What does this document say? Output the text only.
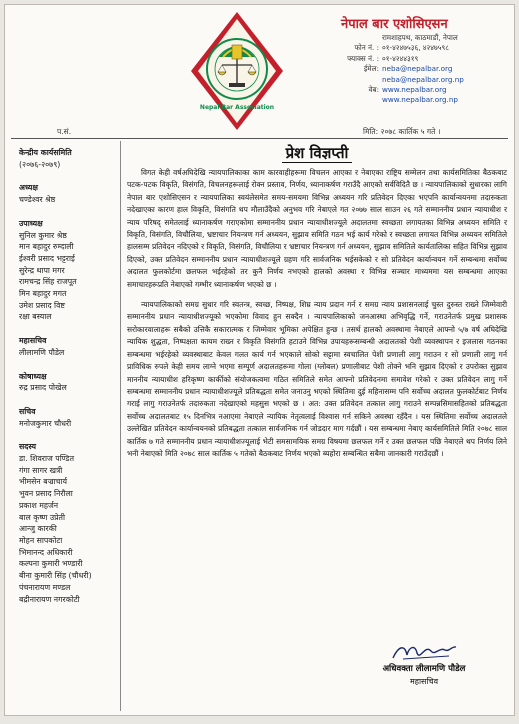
Nepal Bar Association
नेपाल बार एशोसिएसन
रामशाहपथ, काठमाडौं, नेपाल
फोन नं. : ०१-४२४७५३६, ४२४७५९८
फ्याक्स नं. : ०१-४२४४३१९
ईमेल: neba@nepalbar.org
neba@nepalbar.org.np
वेब: www.nepalbar.org
www.nepalbar.org.np
प.सं.	मिति: २०७८ कार्तिक ५ गते ।
केन्द्रीय कार्यसमिति
(२०७६-२०७९)
अध्यक्ष
चण्डेश्वर श्रेष्ठ
उपाध्यक्ष
सुनिल कुमार श्रेष्ठ
मान बहादुर रुम्दाली
ईश्वरी प्रसाद भट्टराई
सुरेन्द्र थापा मगर
रामचन्द्र सिंह राजपूत
मिन बहादुर मगत
उमेश प्रसाद विष्ट
रक्षा बस्याल
महासचिव
लीलामणि पौडेल
कोषाध्यक्ष
रुद्र प्रसाद पोखेल
सचिव
मनोजकुमार चौधरी
सदस्य
डा. शिवराज पण्डित
गंगा सागर खत्री
भीमसेन बज्राचार्य
भुवन प्रसाद निरौला
प्रकाश महर्जन
बाल कृष्ण उप्रेती
आन्जु कारकी
मोहन सापकोटा
भिमानन्द अधिकारी
कल्पना कुमारी भण्डारी
बीना कुमारी सिंह (चौधरी)
पंचनारायण मण्डल
बद्रीनारायण नगरकोटी
प्रेश विज्ञप्ती

विगत केही वर्षअघिदेखि न्यायपालिकाका काम कारवाहीहरूमा विचलन आएका र नेबाएका राष्ट्रिय सम्मेलन तथा कार्यसमितिका बैठकबाट पटक-पटक विकृति, विसंगति, विचलनहरूलाई रोक्न प्रस्ताव, निर्णय, ध्यानाकर्षण गराउँदै आएको सर्वविदितै छ । न्यायपालिकाको सुधारका लागि नेपाल बार एशोसिएसन र न्यायपालिका स्वयंलेसमेत समय-समयमा विभिन्न अध्ययन गरि प्रतिवेदन दिएका भएपनि कार्यान्वयनमा तदारुकता नदेखाएका कारण हाल विकृति, विसंगति थप मौलाउँदैको अनुभव गरि नेबाएले गत २०७७ साल साउन २६ गते सम्माननीय प्रधान न्यायाधीश र न्याय परिषद् समेतलाई ध्यानाकर्षण गराएकोमा सम्माननीय प्रधान न्यायाधीशज्यूले अदालतमा स्वच्छता लगायतका विभिन्न अध्ययन समिति र विकृति, विसंगति, विचौलिया, भ्रष्टाचार नियन्त्रण गर्न अध्ययन, सुझाव समिति गठन भई कार्य गरेको र स्वच्छता लगायत विभिन्न अध्ययन समितिले हालसम्म प्रतिवेदन नदिएको र विकृति, विसंगति, विचौलिया र भ्रष्टाचार नियन्त्रण गर्न अध्ययन, सुझाव समितिले कार्यतालिका सहित विभिन्न सुझाव दिएको, उक्त प्रतिवेदन सम्माननीय प्रधान न्यायाधीशज्यूले ग्रहण गरि सार्वजनिक भईसकेको र सो प्रतिवेदन कार्यान्वयन गर्ने सम्बन्धमा सर्वोच्च अदालत फुलकोर्टमा छलफल भईरहेको तर कुनै निर्णय नभएको हालको अवस्था र विभिन्न सञ्चार माध्यममा यस सम्बन्धमा आएका समाचारहरूप्रति नेबाएको गम्भीर ध्यानाकर्षण भएको छ ।

न्यायपालिकाको समग्र सुधार गरि स्वतन्त्र, स्वच्छ, निष्पक्ष, शिघ्र न्याय प्रदान गर्न र समग्र न्याय प्रशासनलाई चुस्त दुरुस्त राख्ने जिम्मेवारी सम्माननीय प्रधान न्यायाधीशज्यूको भएकोमा विवाद हुन सक्दैन । न्यायपालिकाको जनआस्था अभिवृद्धि गर्ने, गराउनेतर्फ प्रमुख प्रशासक सरोकारवालाहरू सबैको उत्तिकै सकारात्मक र जिम्मेवार भूमिका अपेक्षित हुन्छ । तसर्थ हालको अवस्थामा नेबाएले आफ्नो ५/७ वर्ष अघिदेखि न्यायिक शुद्धता, निष्पक्षता कायम राख्न र विकृति विसंगति हटाउने विभिन्न उपायहरूसम्बन्धी अदालतको पेशी व्यवस्थापन र इजलास गठनका सम्बन्धमा भईरहेको व्यवस्थाबाट केवल गलत कार्य गर्न भएकाले सोको सट्टामा स्वचालित पेशी प्रणाली लागु गराउन र सो प्रणाली लागु गर्न प्राविधिक रुपले केही समय लाग्ने भएमा सम्पूर्ण अदालतहरूमा गोला (ग्लोबल) प्रणालीबाट पेशी तोक्ने भनि सुझाव दिएको र उपरोक्त सुझाव माननीय न्यायाधीश हरिकृष्ण कार्कीको संयोजकत्वमा गठित समितिले समेत आफ्नो प्रतिवेदनमा समावेश गरेको र उक्त प्रतिवेदन लागु गर्ने सम्बन्धमा सम्माननीय प्रधान न्यायाधीशज्यूले प्रतिबद्धता समेत जनाउनु भएको स्थितिमा दुई महिनासम्म पनि सर्वोच्च अदालत फुलकोर्टबाट निर्णय गराई लागु गराउनेतर्फ तदारुकता नदेखाएको महसुस भएको छ । अत: उक्त प्रतिवेदन तत्काल लागु गराउने सम्पन्नसिमासहितको प्रतिबद्धता सर्वोच्च अदालतबाट १५ दिनभित्र नआएमा नेबाएले न्यायिक नेतृत्वलाई विश्वास गर्न सकिने अवस्था रहँदैन । यस स्थितिमा सर्वोच्च अदालतले उल्लेखित प्रतिवेदन कार्यान्वयनको प्रतिबद्धता तत्काल सार्वजनिक गर्न जोडदार माग गर्दछौं । यस सम्बन्धमा नेबाए कार्यसमितिले मिति २०७८ साल कार्तिक ७ गते सम्माननीय प्रधान न्यायाधीशज्यूलाई भेटी समसामयिक समग्र विषयमा छलफल गर्ने र उक्त छलफल पछि नेबाएले थप निर्णय लिने भनी नेबाएको मिति २०७८ साल कार्तिक ५ गतेको बैठकबाट निर्णय भएको ब्यहोरा सम्बन्धित सबैमा जानकारी गराउँदछौं ।

अधिवक्ता लीलामणि पौडेल
महासचिव
